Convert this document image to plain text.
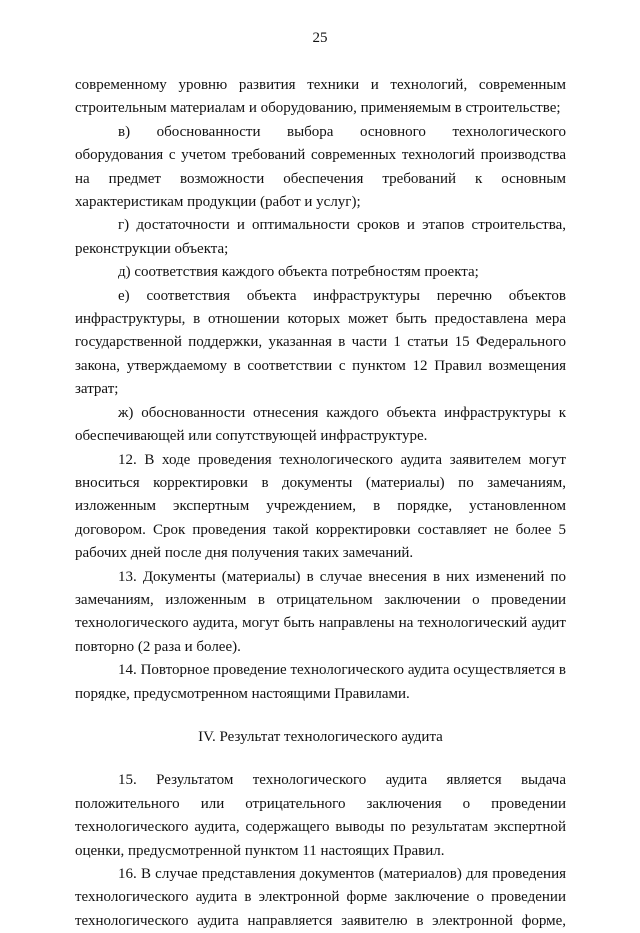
25

современному уровню развития техники и технологий, современным строительным материалам и оборудованию, применяемым в строительстве;

в) обоснованности выбора основного технологического оборудования с учетом требований современных технологий производства на предмет возможности обеспечения требований к основным характеристикам продукции (работ и услуг);

г) достаточности и оптимальности сроков и этапов строительства, реконструкции объекта;

д) соответствия каждого объекта потребностям проекта;

е) соответствия объекта инфраструктуры перечню объектов инфраструктуры, в отношении которых может быть предоставлена мера государственной поддержки, указанная в части 1 статьи 15 Федерального закона, утверждаемому в соответствии с пунктом 12 Правил возмещения затрат;

ж) обоснованности отнесения каждого объекта инфраструктуры к обеспечивающей или сопутствующей инфраструктуре.

12. В ходе проведения технологического аудита заявителем могут вноситься корректировки в документы (материалы) по замечаниям, изложенным экспертным учреждением, в порядке, установленном договором. Срок проведения такой корректировки составляет не более 5 рабочих дней после дня получения таких замечаний.

13. Документы (материалы) в случае внесения в них изменений по замечаниям, изложенным в отрицательном заключении о проведении технологического аудита, могут быть направлены на технологический аудит повторно (2 раза и более).

14. Повторное проведение технологического аудита осуществляется в порядке, предусмотренном настоящими Правилами.

IV. Результат технологического аудита

15. Результатом технологического аудита является выдача положительного или отрицательного заключения о проведении технологического аудита, содержащего выводы по результатам экспертной оценки, предусмотренной пунктом 11 настоящих Правил.

16. В случае представления документов (материалов) для проведения технологического аудита в электронной форме заключение о проведении технологического аудита направляется заявителю в электронной форме,
